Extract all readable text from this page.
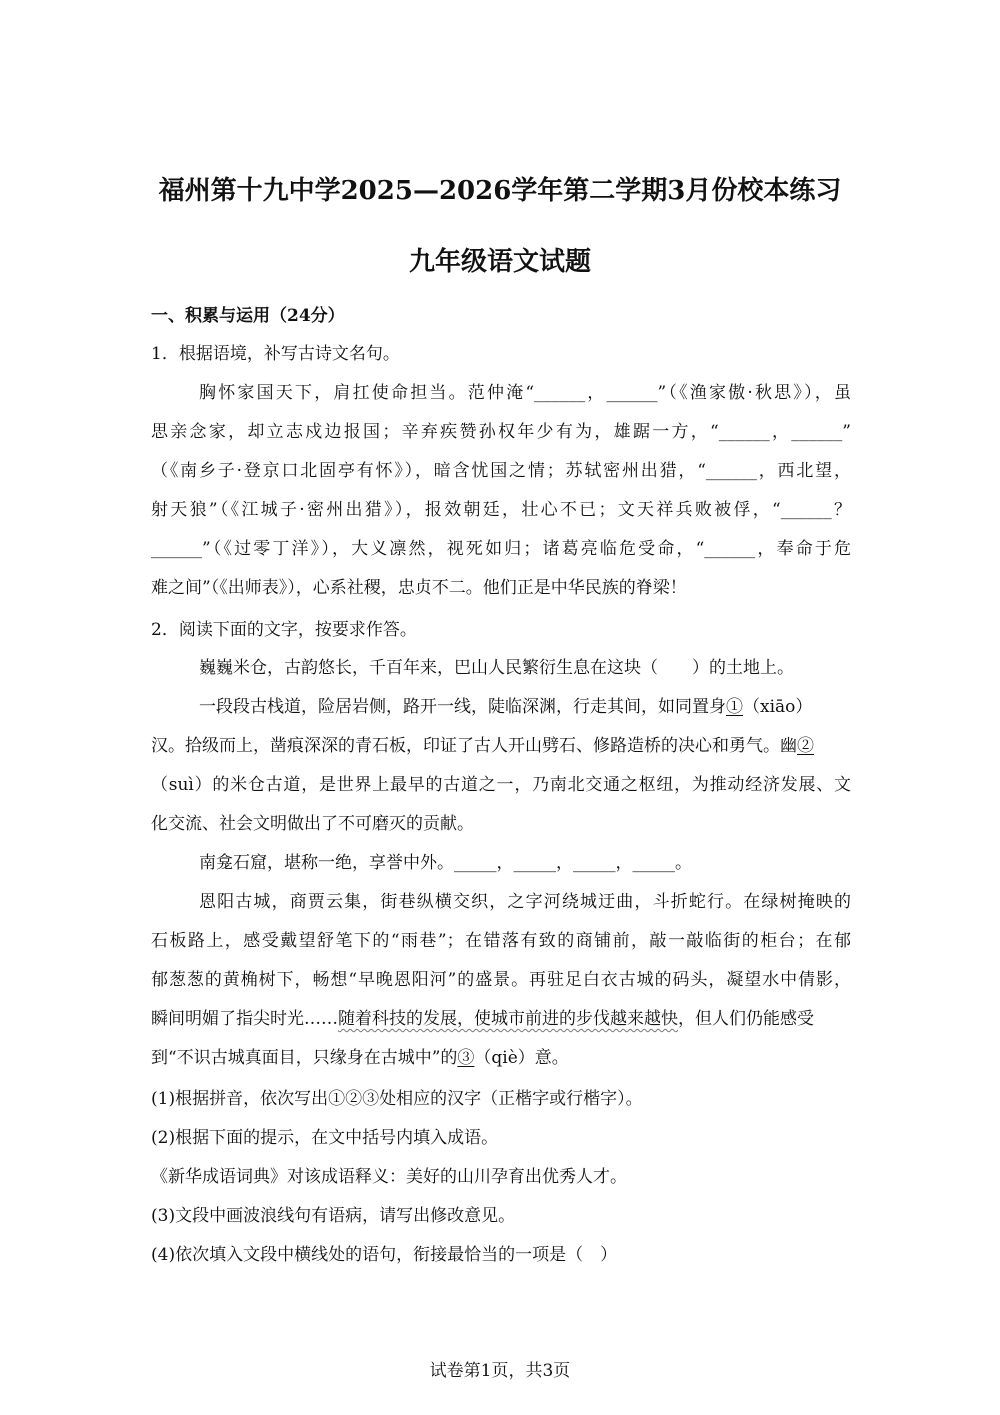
福州第十九中学2025—2026学年第二学期3月份校本练习
九年级语文试题
一、积累与运用（24分）
1．根据语境，补写古诗文名句。
胸怀家国天下，肩扛使命担当。范仲淹“______，______”（《渔家傲·秋思》），虽
思亲念家，却立志戍边报国；辛弃疾赞孙权年少有为，雄踞一方，“______，______”
（《南乡子·登京口北固亭有怀》），暗含忧国之情；苏轼密州出猎，“______，西北望，
射天狼”（《江城子·密州出猎》），报效朝廷，壮心不已；文天祥兵败被俘，“______？
______”（《过零丁洋》），大义凛然，视死如归；诸葛亮临危受命，“______，奉命于危
难之间”（《出师表》），心系社稷，忠贞不二。他们正是中华民族的脊梁！
2．阅读下面的文字，按要求作答。
巍巍米仓，古韵悠长，千百年来，巴山人民繁衍生息在这块（　　）的土地上。
一段段古栈道，险居岩侧，路开一线，陡临深渊，行走其间，如同置身①（xiāo）
汉。拾级而上，凿痕深深的青石板，印证了古人开山劈石、修路造桥的决心和勇气。幽②
（suì）的米仓古道，是世界上最早的古道之一，乃南北交通之枢纽，为推动经济发展、文
化交流、社会文明做出了不可磨灭的贡献。
南龛石窟，堪称一绝，享誉中外。_____，_____，_____，_____。
恩阳古城，商贾云集，街巷纵横交织，之字河绕城迂曲，斗折蛇行。在绿树掩映的
石板路上，感受戴望舒笔下的“雨巷”；在错落有致的商铺前，敲一敲临街的柜台；在郁
郁葱葱的黄桷树下，畅想“早晚恩阳河”的盛景。再驻足白衣古城的码头，凝望水中倩影，
瞬间明媚了指尖时光……随着科技的发展，使城市前进的步伐越来越快，但人们仍能感受
到“不识古城真面目，只缘身在古城中”的③（qiè）意。
(1)根据拼音，依次写出①②③处相应的汉字（正楷字或行楷字）。
(2)根据下面的提示，在文中括号内填入成语。
《新华成语词典》对该成语释义：美好的山川孕育出优秀人才。
(3)文段中画波浪线句有语病，请写出修改意见。
(4)依次填入文段中横线处的语句，衔接最恰当的一项是（　）
试卷第1页，共3页
